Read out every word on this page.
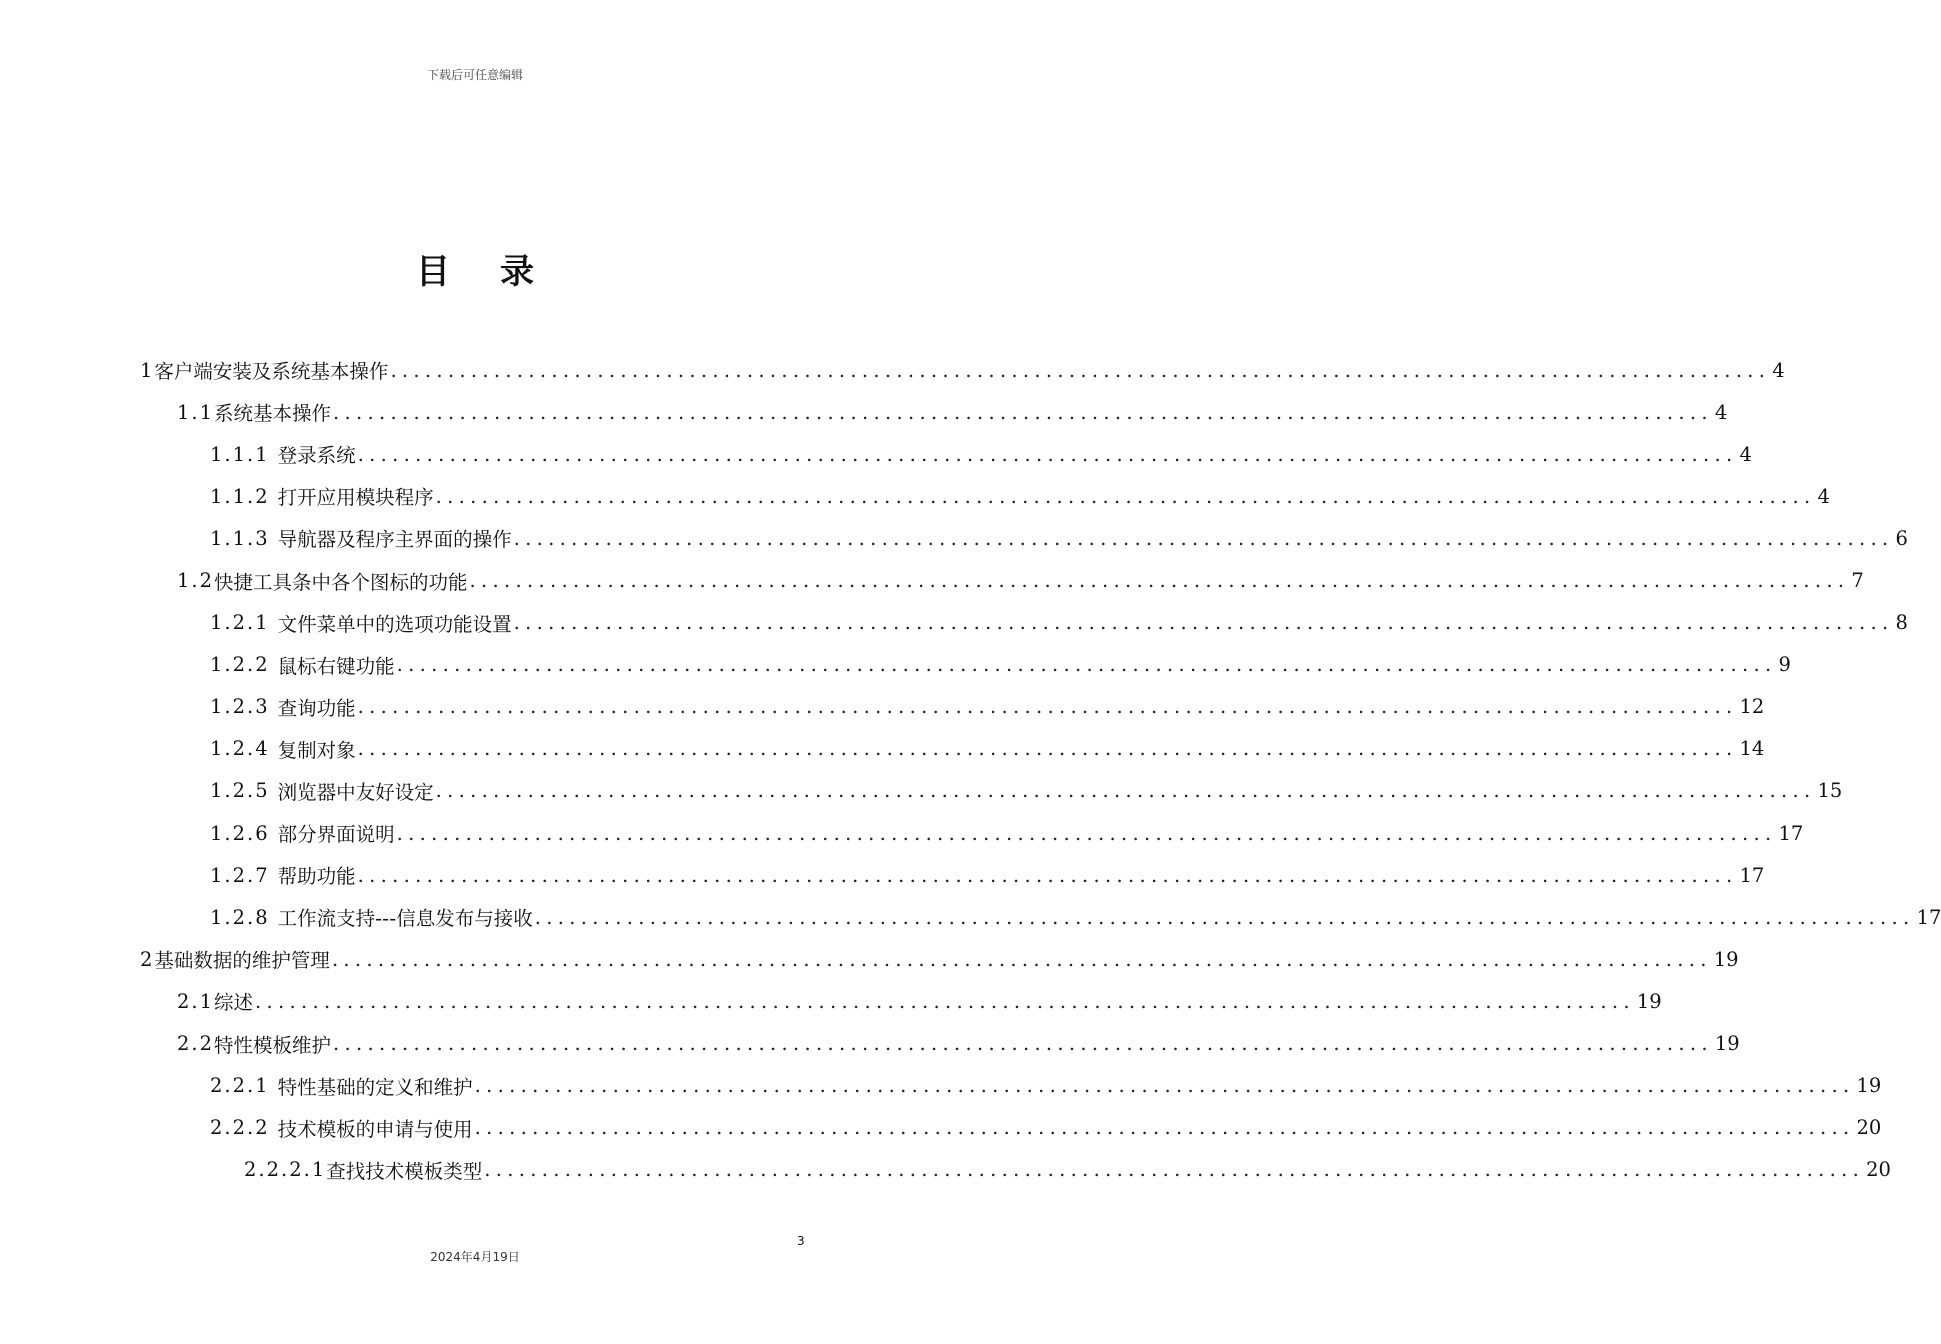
下载后可任意编辑
目录
1 客户端安装及系统基本操作 ........................................................................................................................ 4
1.1 系统基本操作 ........................................................................................................................ 4
1.1.1 登录系统 ........................................................................................................................ 4
1.1.2 打开应用模块程序 ........................................................................................................................ 4
1.1.3 导航器及程序主界面的操作 ........................................................................................................................ 6
1.2 快捷工具条中各个图标的功能 ........................................................................................................................ 7
1.2.1 文件菜单中的选项功能设置 ........................................................................................................................ 8
1.2.2 鼠标右键功能 ........................................................................................................................ 9
1.2.3 查询功能 ........................................................................................................................ 12
1.2.4 复制对象 ........................................................................................................................ 14
1.2.5 浏览器中友好设定 ........................................................................................................................ 15
1.2.6 部分界面说明 ........................................................................................................................ 17
1.2.7 帮助功能 ........................................................................................................................ 17
1.2.8 工作流支持---信息发布与接收 ........................................................................................................................ 17
2 基础数据的维护管理 ........................................................................................................................ 19
2.1 综述 ........................................................................................................................ 19
2.2 特性模板维护 ........................................................................................................................ 19
2.2.1 特性基础的定义和维护 ........................................................................................................................ 19
2.2.2 技术模板的申请与使用 ........................................................................................................................ 20
2.2.2.1 查找技术模板类型 ........................................................................................................................ 20
3
2024年4月19日
